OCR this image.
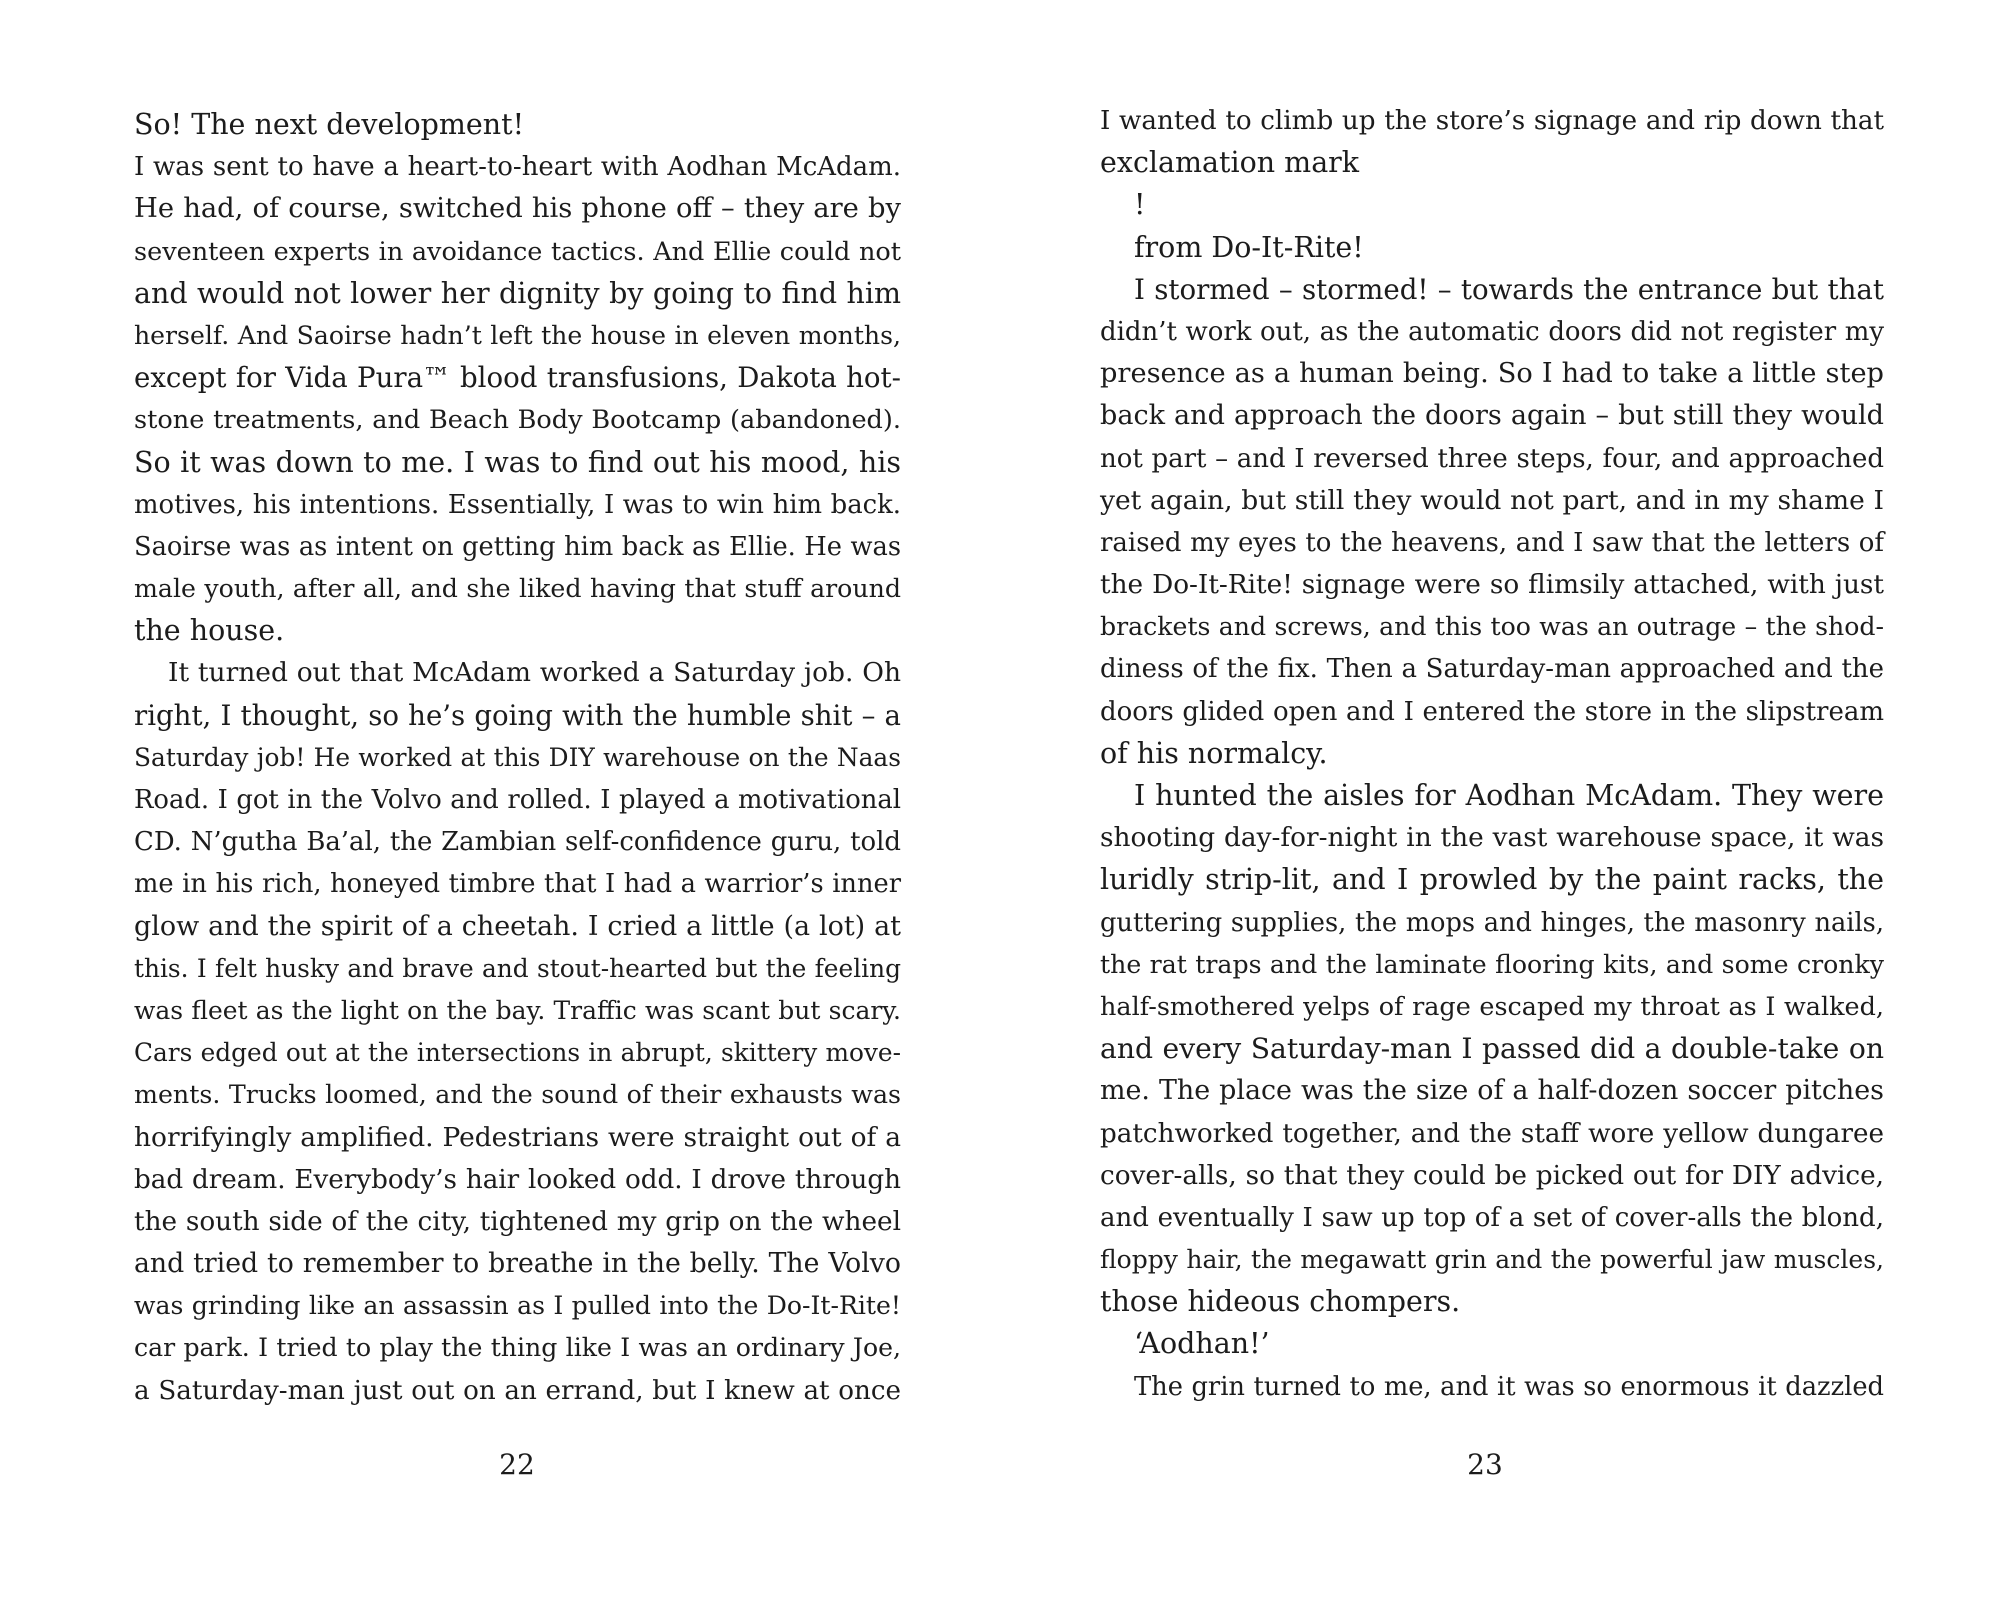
So! The next development!
I was sent to have a heart-to-heart with Aodhan McAdam.
He had, of course, switched his phone off – they are by
seventeen experts in avoidance tactics. And Ellie could not
and would not lower her dignity by going to find him
herself. And Saoirse hadn’t left the house in eleven months,
except for Vida Pura™ blood transfusions, Dakota hot-
stone treatments, and Beach Body Bootcamp (abandoned).
So it was down to me. I was to find out his mood, his
motives, his intentions. Essentially, I was to win him back.
Saoirse was as intent on getting him back as Ellie. He was
male youth, after all, and she liked having that stuff around
the house.
It turned out that McAdam worked a Saturday job. Oh
right, I thought, so he’s going with the humble shit – a
Saturday job! He worked at this DIY warehouse on the Naas
Road. I got in the Volvo and rolled. I played a motivational
CD. N’gutha Ba’al, the Zambian self-confidence guru, told
me in his rich, honeyed timbre that I had a warrior’s inner
glow and the spirit of a cheetah. I cried a little (a lot) at
this. I felt husky and brave and stout-hearted but the feeling
was fleet as the light on the bay. Traffic was scant but scary.
Cars edged out at the intersections in abrupt, skittery move-
ments. Trucks loomed, and the sound of their exhausts was
horrifyingly amplified. Pedestrians were straight out of a
bad dream. Everybody’s hair looked odd. I drove through
the south side of the city, tightened my grip on the wheel
and tried to remember to breathe in the belly. The Volvo
was grinding like an assassin as I pulled into the Do-It-Rite!
car park. I tried to play the thing like I was an ordinary Joe,
a Saturday-man just out on an errand, but I knew at once
22
I wanted to climb up the store’s signage and rip down that
exclamation mark
!
from Do-It-Rite!
I stormed – stormed! – towards the entrance but that
didn’t work out, as the automatic doors did not register my
presence as a human being. So I had to take a little step
back and approach the doors again – but still they would
not part – and I reversed three steps, four, and approached
yet again, but still they would not part, and in my shame I
raised my eyes to the heavens, and I saw that the letters of
the Do-It-Rite! signage were so flimsily attached, with just
brackets and screws, and this too was an outrage – the shod-
diness of the fix. Then a Saturday-man approached and the
doors glided open and I entered the store in the slipstream
of his normalcy.
I hunted the aisles for Aodhan McAdam. They were
shooting day-for-night in the vast warehouse space, it was
luridly strip-lit, and I prowled by the paint racks, the
guttering supplies, the mops and hinges, the masonry nails,
the rat traps and the laminate flooring kits, and some cronky
half-smothered yelps of rage escaped my throat as I walked,
and every Saturday-man I passed did a double-take on
me. The place was the size of a half-dozen soccer pitches
patchworked together, and the staff wore yellow dungaree
cover-alls, so that they could be picked out for DIY advice,
and eventually I saw up top of a set of cover-alls the blond,
floppy hair, the megawatt grin and the powerful jaw muscles,
those hideous chompers.
‘Aodhan!’
The grin turned to me, and it was so enormous it dazzled
23
